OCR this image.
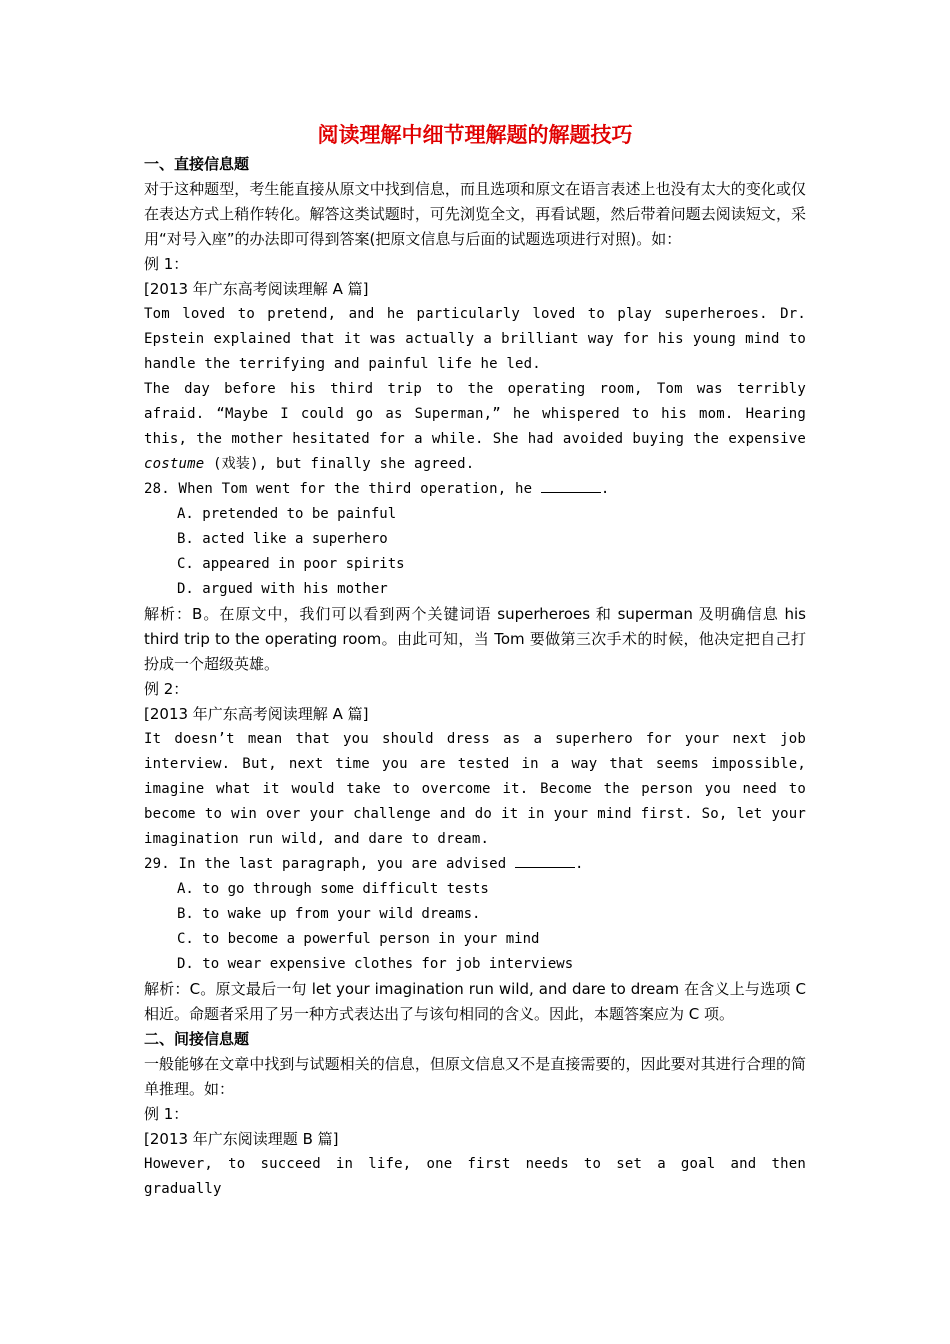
阅读理解中细节理解题的解题技巧

一、直接信息题

对于这种题型，考生能直接从原文中找到信息，而且选项和原文在语言表述上也没有太大的变化或仅在表达方式上稍作转化。解答这类试题时，可先浏览全文，再看试题，然后带着问题去阅读短文，采用“对号入座”的办法即可得到答案(把原文信息与后面的试题选项进行对照)。如：

例 1：

[2013 年广东高考阅读理解 A 篇]

Tom loved to pretend, and he particularly loved to play superheroes. Dr. Epstein explained that it was actually a brilliant way for his young mind to handle the terrifying and painful life he led.

The day before his third trip to the operating room, Tom was terribly afraid. “Maybe I could go as Superman,” he whispered to his mom. Hearing this, the mother hesitated for a while. She had avoided buying the expensive costume (戏装), but finally she agreed.

28. When Tom went for the third operation, he	.

A. pretended to be painful

B. acted like a superhero

C. appeared in poor spirits

D. argued with his mother

解析：B。在原文中，我们可以看到两个关键词语 superheroes 和 superman 及明确信息 his third trip to the operating room。由此可知，当 Tom 要做第三次手术的时候，他决定把自己打扮成一个超级英雄。

例 2：

[2013 年广东高考阅读理解 A 篇]

It doesn’t mean that you should dress as a superhero for your next job interview. But, next time you are tested in a way that seems impossible, imagine what it would take to overcome it. Become the person you need to become to win over your challenge and do it in your mind first. So, let your imagination run wild, and dare to dream.

29. In the last paragraph, you are advised	.

A. to go through some difficult tests

B. to wake up from your wild dreams.

C. to become a powerful person in your mind

D. to wear expensive clothes for job interviews

解析：C。原文最后一句 let your imagination run wild, and dare to dream 在含义上与选项 C 相近。命题者采用了另一种方式表达出了与该句相同的含义。因此，本题答案应为 C 项。

二、间接信息题

一般能够在文章中找到与试题相关的信息，但原文信息又不是直接需要的，因此要对其进行合理的简单推理。如：

例 1：

[2013 年广东阅读理题 B 篇]

However, to succeed in life, one first needs to set a goal and then gradually
